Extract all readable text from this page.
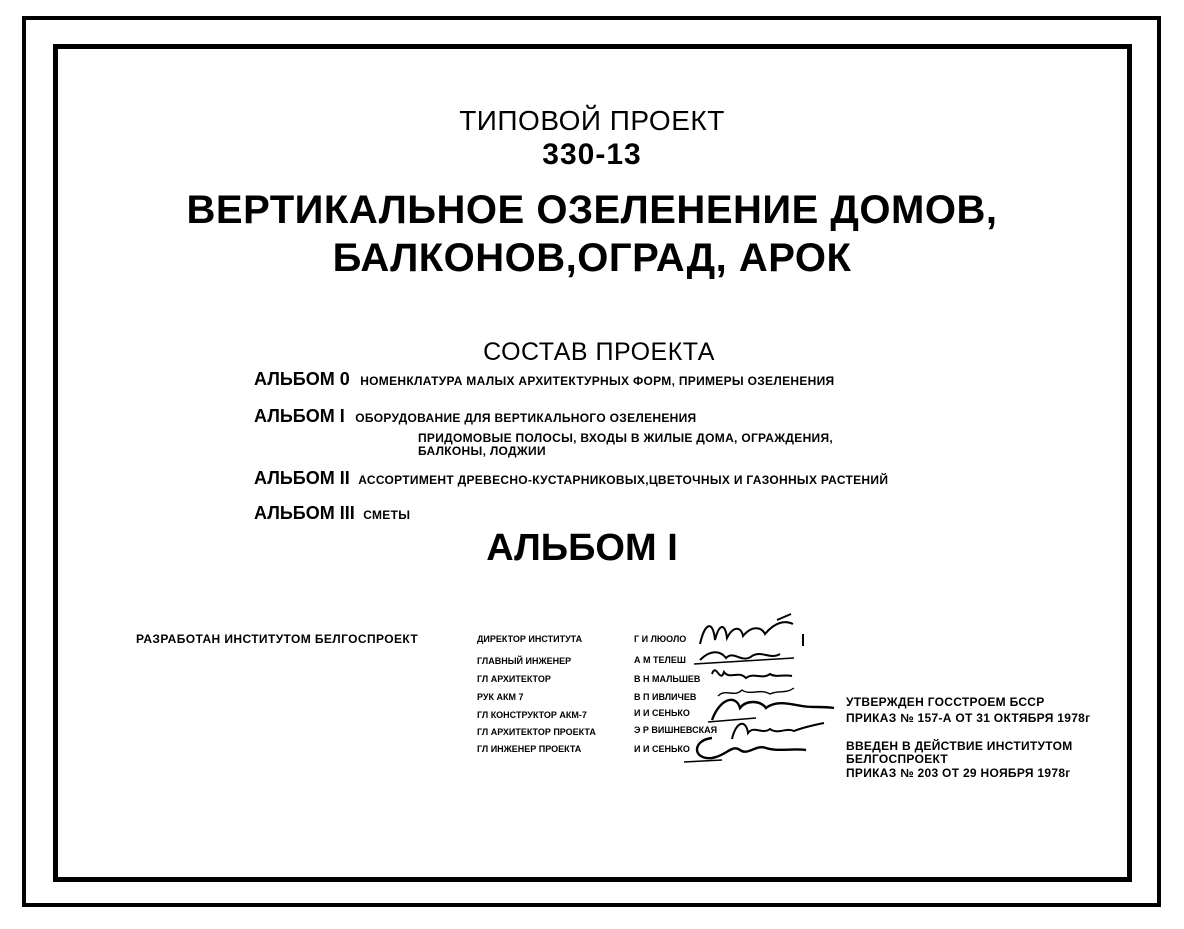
ТИПОВОЙ ПРОЕКТ
330-13
ВЕРТИКАЛЬНОЕ ОЗЕЛЕНЕНИЕ ДОМОВ,
БАЛКОНОВ,ОГРАД, АРОК
СОСТАВ ПРОЕКТА
АЛЬБОМ 0 НОМЕНКЛАТУРА МАЛЫХ АРХИТЕКТУРНЫХ ФОРМ, ПРИМЕРЫ ОЗЕЛЕНЕНИЯ
АЛЬБОМ I ОБОРУДОВАНИЕ ДЛЯ ВЕРТИКАЛЬНОГО ОЗЕЛЕНЕНИЯ
ПРИДОМОВЫЕ ПОЛОСЫ, ВХОДЫ В ЖИЛЫЕ ДОМА, ОГРАЖДЕНИЯ,
БАЛКОНЫ, ЛОДЖИИ
АЛЬБОМ II АССОРТИМЕНТ ДРЕВЕСНО-КУСТАРНИКОВЫХ,ЦВЕТОЧНЫХ И ГАЗОННЫХ РАСТЕНИЙ
АЛЬБОМ III СМЕТЫ
АЛЬБОМ I
РАЗРАБОТАН ИНСТИТУТОМ БЕЛГОСПРОЕКТ	ДИРЕКТОР ИНСТИТУТА	Г И ЛЮОЛО
ГЛАВНЫЙ ИНЖЕНЕР	А М ТЕЛЕШ
ГЛ АРХИТЕКТОР	В Н МАЛЬШЕВ
РУК АКМ 7	В П ИВЛИЧЕВ
ГЛ КОНСТРУКТОР АКМ-7	И И СЕНЬКО
ГЛ АРХИТЕКТОР ПРОЕКТА	Э Р ВИШНЕВСКАЯ
ГЛ ИНЖЕНЕР ПРОЕКТА	И И СЕНЬКО
УТВЕРЖДЕН ГОССТРОЕМ БССР
ПРИКАЗ № 157-А ОТ 31 ОКТЯБРЯ 1978г
ВВЕДЕН В ДЕЙСТВИЕ ИНСТИТУТОМ
БЕЛГОСПРОЕКТ
ПРИКАЗ № 203 ОТ 29 НОЯБРЯ 1978г
